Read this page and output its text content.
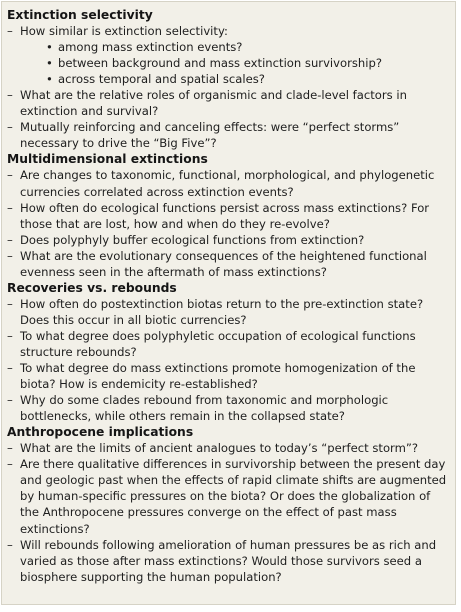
Extinction selectivity
– How similar is extinction selectivity:
• among mass extinction events?
• between background and mass extinction survivorship?
• across temporal and spatial scales?
– What are the relative roles of organismic and clade-level factors in extinction and survival?
– Mutually reinforcing and canceling effects: were “perfect storms” necessary to drive the “Big Five”?
Multidimensional extinctions
– Are changes to taxonomic, functional, morphological, and phylogenetic currencies correlated across extinction events?
– How often do ecological functions persist across mass extinctions? For those that are lost, how and when do they re-evolve?
– Does polyphyly buffer ecological functions from extinction?
– What are the evolutionary consequences of the heightened functional evenness seen in the aftermath of mass extinctions?
Recoveries vs. rebounds
– How often do postextinction biotas return to the pre-extinction state? Does this occur in all biotic currencies?
– To what degree does polyphyletic occupation of ecological functions structure rebounds?
– To what degree do mass extinctions promote homogenization of the biota? How is endemicity re-established?
– Why do some clades rebound from taxonomic and morphologic bottlenecks, while others remain in the collapsed state?
Anthropocene implications
– What are the limits of ancient analogues to today’s “perfect storm”?
– Are there qualitative differences in survivorship between the present day and geologic past when the effects of rapid climate shifts are augmented by human-specific pressures on the biota? Or does the globalization of the Anthropocene pressures converge on the effect of past mass extinctions?
– Will rebounds following amelioration of human pressures be as rich and varied as those after mass extinctions? Would those survivors seed a biosphere supporting the human population?
